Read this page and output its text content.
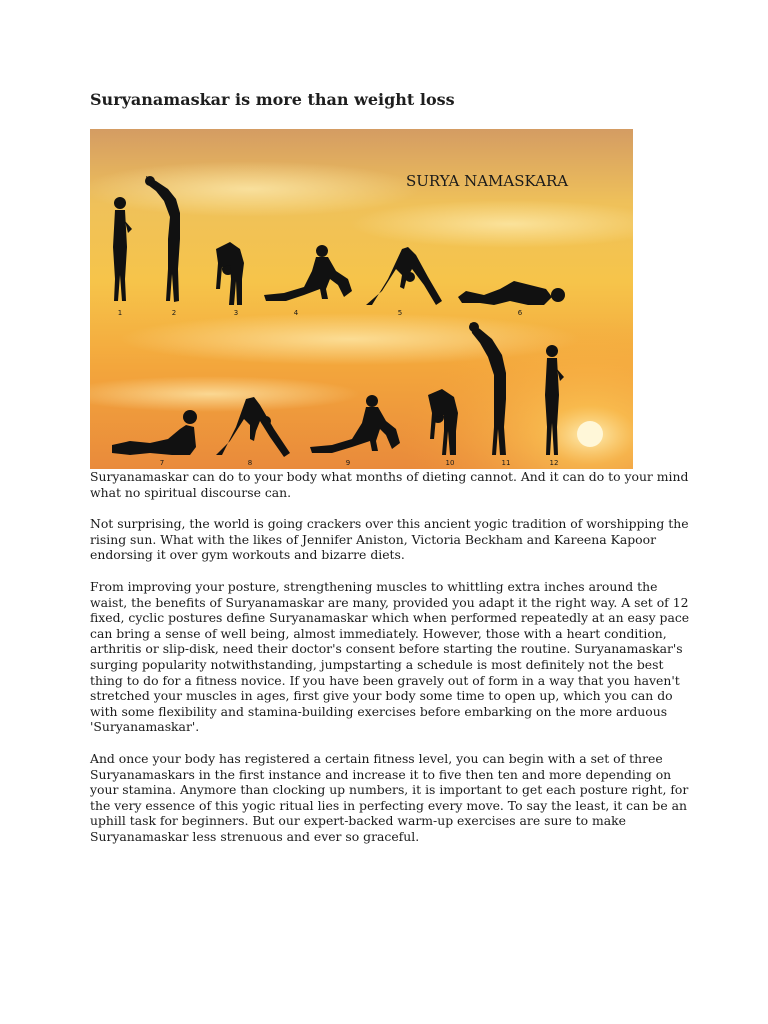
Suryanamaskar is more than weight loss
SURYA NAMASKARA
1	2	3	4	5	6
7	8	9	10	11	12

Suryanamaskar can do to your body what months of dieting cannot. And it can do to your mind what no spiritual discourse can.

Not surprising, the world is going crackers over this ancient yogic tradition of worshipping the rising sun. What with the likes of Jennifer Aniston, Victoria Beckham and Kareena Kapoor endorsing it over gym workouts and bizarre diets.

From improving your posture, strengthening muscles to whittling extra inches around the waist, the benefits of Suryanamaskar are many, provided you adapt it the right way. A set of 12 fixed, cyclic postures define Suryanamaskar which when performed repeatedly at an easy pace can bring a sense of well being, almost immediately. However, those with a heart condition, arthritis or slip-disk, need their doctor's consent before starting the routine. Suryanamaskar's surging popularity notwithstanding, jumpstarting a schedule is most definitely not the best thing to do for a fitness novice. If you have been gravely out of form in a way that you haven't stretched your muscles in ages, first give your body some time to open up, which you can do with some flexibility and stamina-building exercises before embarking on the more arduous 'Suryanamaskar'.

And once your body has registered a certain fitness level, you can begin with a set of three Suryanamaskars in the first instance and increase it to five then ten and more depending on your stamina. Anymore than clocking up numbers, it is important to get each posture right, for the very essence of this yogic ritual lies in perfecting every move. To say the least, it can be an uphill task for beginners. But our expert-backed warm-up exercises are sure to make Suryanamaskar less strenuous and ever so graceful.
